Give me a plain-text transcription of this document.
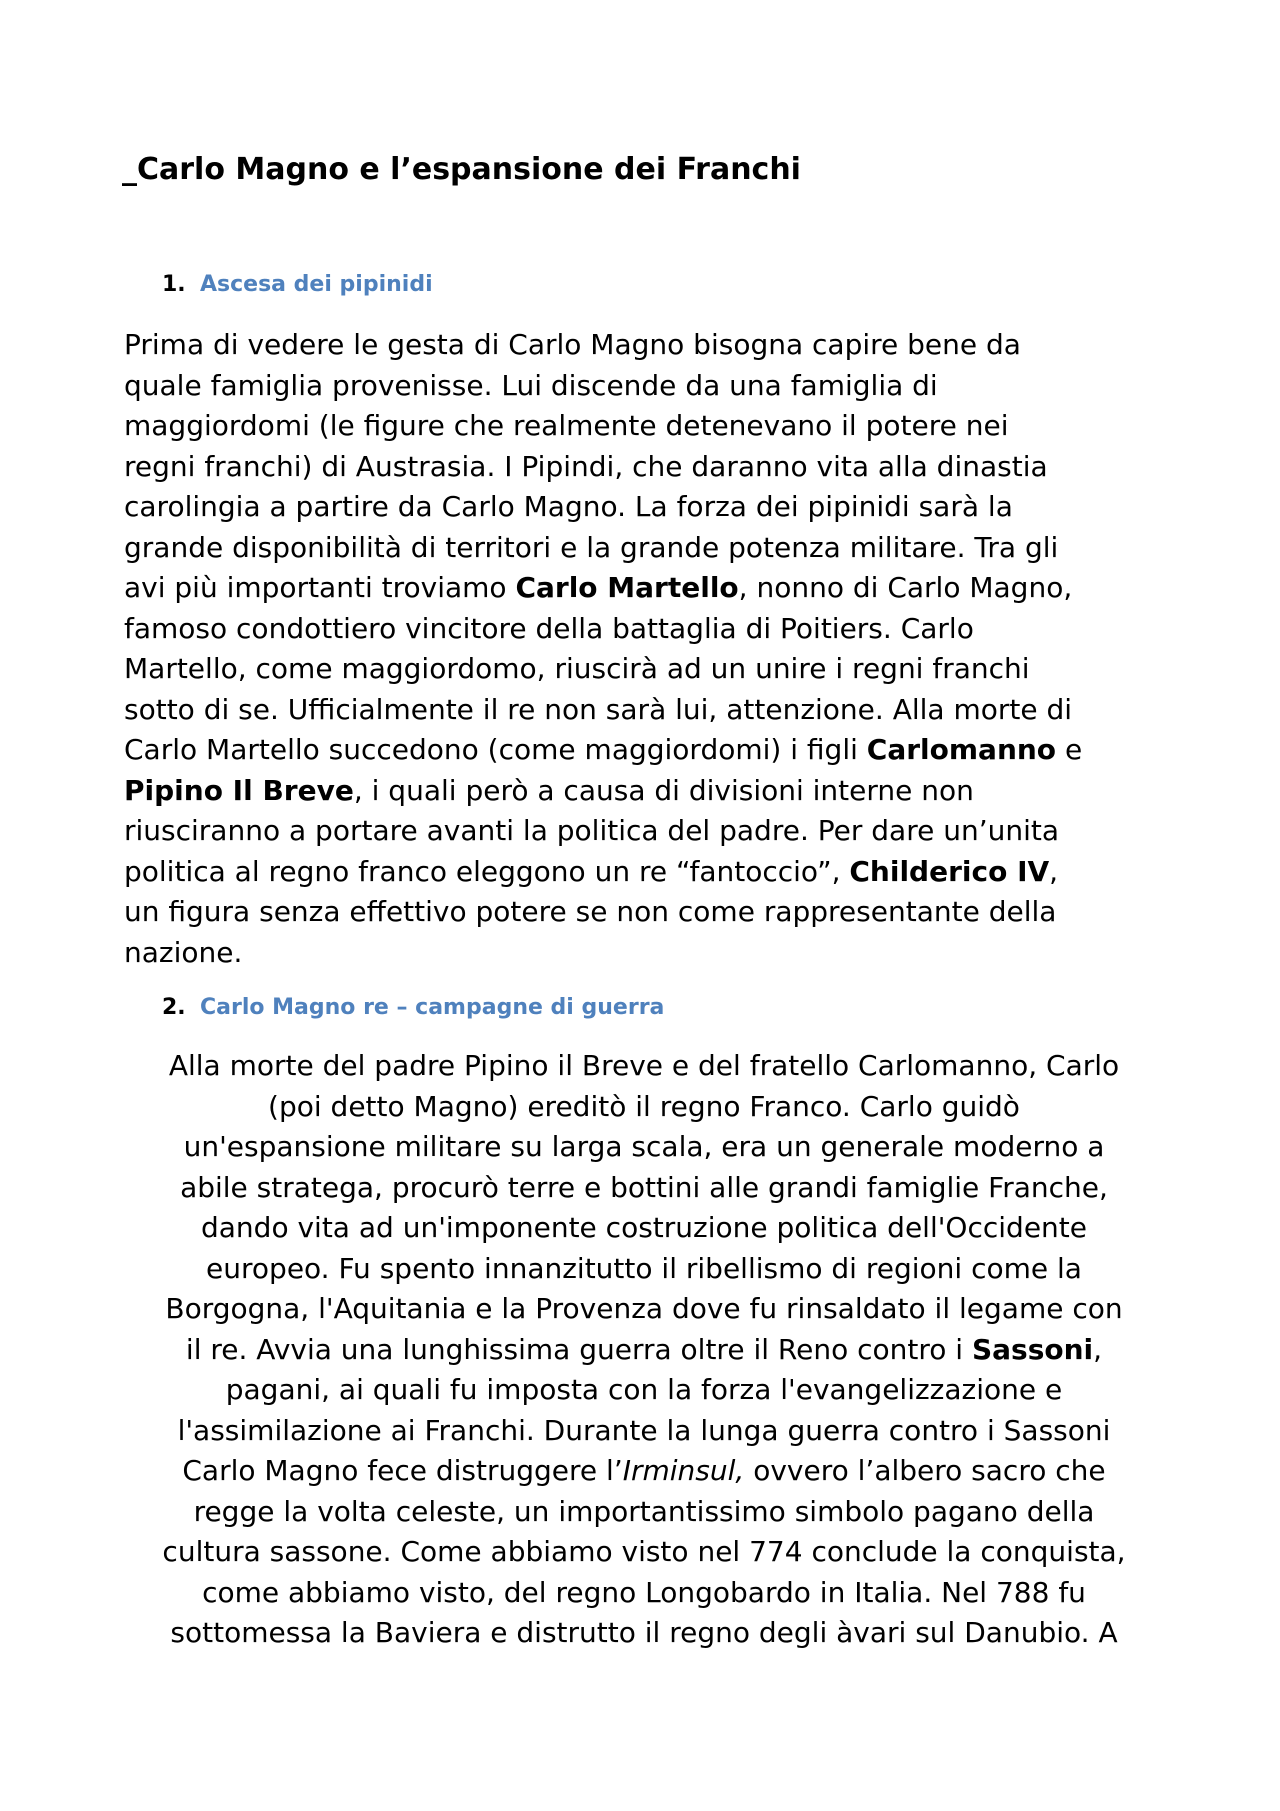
_Carlo Magno e l’espansione dei Franchi
1. Ascesa dei pipinidi
Prima di vedere le gesta di Carlo Magno bisogna capire bene da
quale famiglia provenisse. Lui discende da una famiglia di
maggiordomi (le figure che realmente detenevano il potere nei
regni franchi) di Austrasia. I Pipindi, che daranno vita alla dinastia
carolingia a partire da Carlo Magno. La forza dei pipinidi sarà la
grande disponibilità di territori e la grande potenza militare. Tra gli
avi più importanti troviamo Carlo Martello, nonno di Carlo Magno,
famoso condottiero vincitore della battaglia di Poitiers. Carlo
Martello, come maggiordomo, riuscirà ad un unire i regni franchi
sotto di se. Ufficialmente il re non sarà lui, attenzione. Alla morte di
Carlo Martello succedono (come maggiordomi) i figli Carlomanno e
Pipino Il Breve, i quali però a causa di divisioni interne non
riusciranno a portare avanti la politica del padre. Per dare un’unita
politica al regno franco eleggono un re “fantoccio”, Childerico IV,
un figura senza effettivo potere se non come rappresentante della
nazione.
2. Carlo Magno re – campagne di guerra
Alla morte del padre Pipino il Breve e del fratello Carlomanno, Carlo
(poi detto Magno) ereditò il regno Franco. Carlo guidò
un'espansione militare su larga scala, era un generale moderno a
abile stratega, procurò terre e bottini alle grandi famiglie Franche,
dando vita ad un'imponente costruzione politica dell'Occidente
europeo. Fu spento innanzitutto il ribellismo di regioni come la
Borgogna, l'Aquitania e la Provenza dove fu rinsaldato il legame con
il re. Avvia una lunghissima guerra oltre il Reno contro i Sassoni,
pagani, ai quali fu imposta con la forza l'evangelizzazione e
l'assimilazione ai Franchi. Durante la lunga guerra contro i Sassoni
Carlo Magno fece distruggere l’Irminsul, ovvero l’albero sacro che
regge la volta celeste, un importantissimo simbolo pagano della
cultura sassone. Come abbiamo visto nel 774 conclude la conquista,
come abbiamo visto, del regno Longobardo in Italia. Nel 788 fu
sottomessa la Baviera e distrutto il regno degli àvari sul Danubio. A
